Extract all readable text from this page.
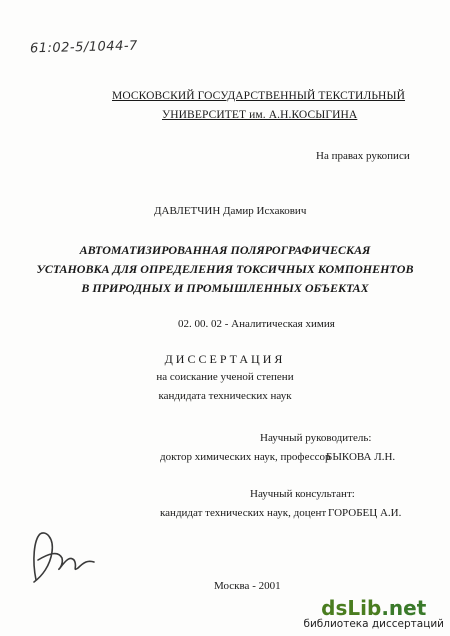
61:02-5/1044-7
МОСКОВСКИЙ ГОСУДАРСТВЕННЫЙ ТЕКСТИЛЬНЫЙ
УНИВЕРСИТЕТ им. А.Н.КОСЫГИНА
На правах рукописи
ДАВЛЕТЧИН Дамир Исхакович
АВТОМАТИЗИРОВАННАЯ ПОЛЯРОГРАФИЧЕСКАЯ
УСТАНОВКА ДЛЯ ОПРЕДЕЛЕНИЯ ТОКСИЧНЫХ КОМПОНЕНТОВ
В ПРИРОДНЫХ И ПРОМЫШЛЕННЫХ ОБЪЕКТАХ
02. 00. 02 - Аналитическая химия
ДИССЕРТАЦИЯ
на соискание ученой степени
кандидата технических наук
Научный руководитель:
доктор химических наук, профессор
БЫКОВА Л.Н.
Научный консультант:
кандидат технических наук, доцент ГОРОБЕЦ А.И.
Москва - 2001
dsLib.net
библиотека диссертаций
